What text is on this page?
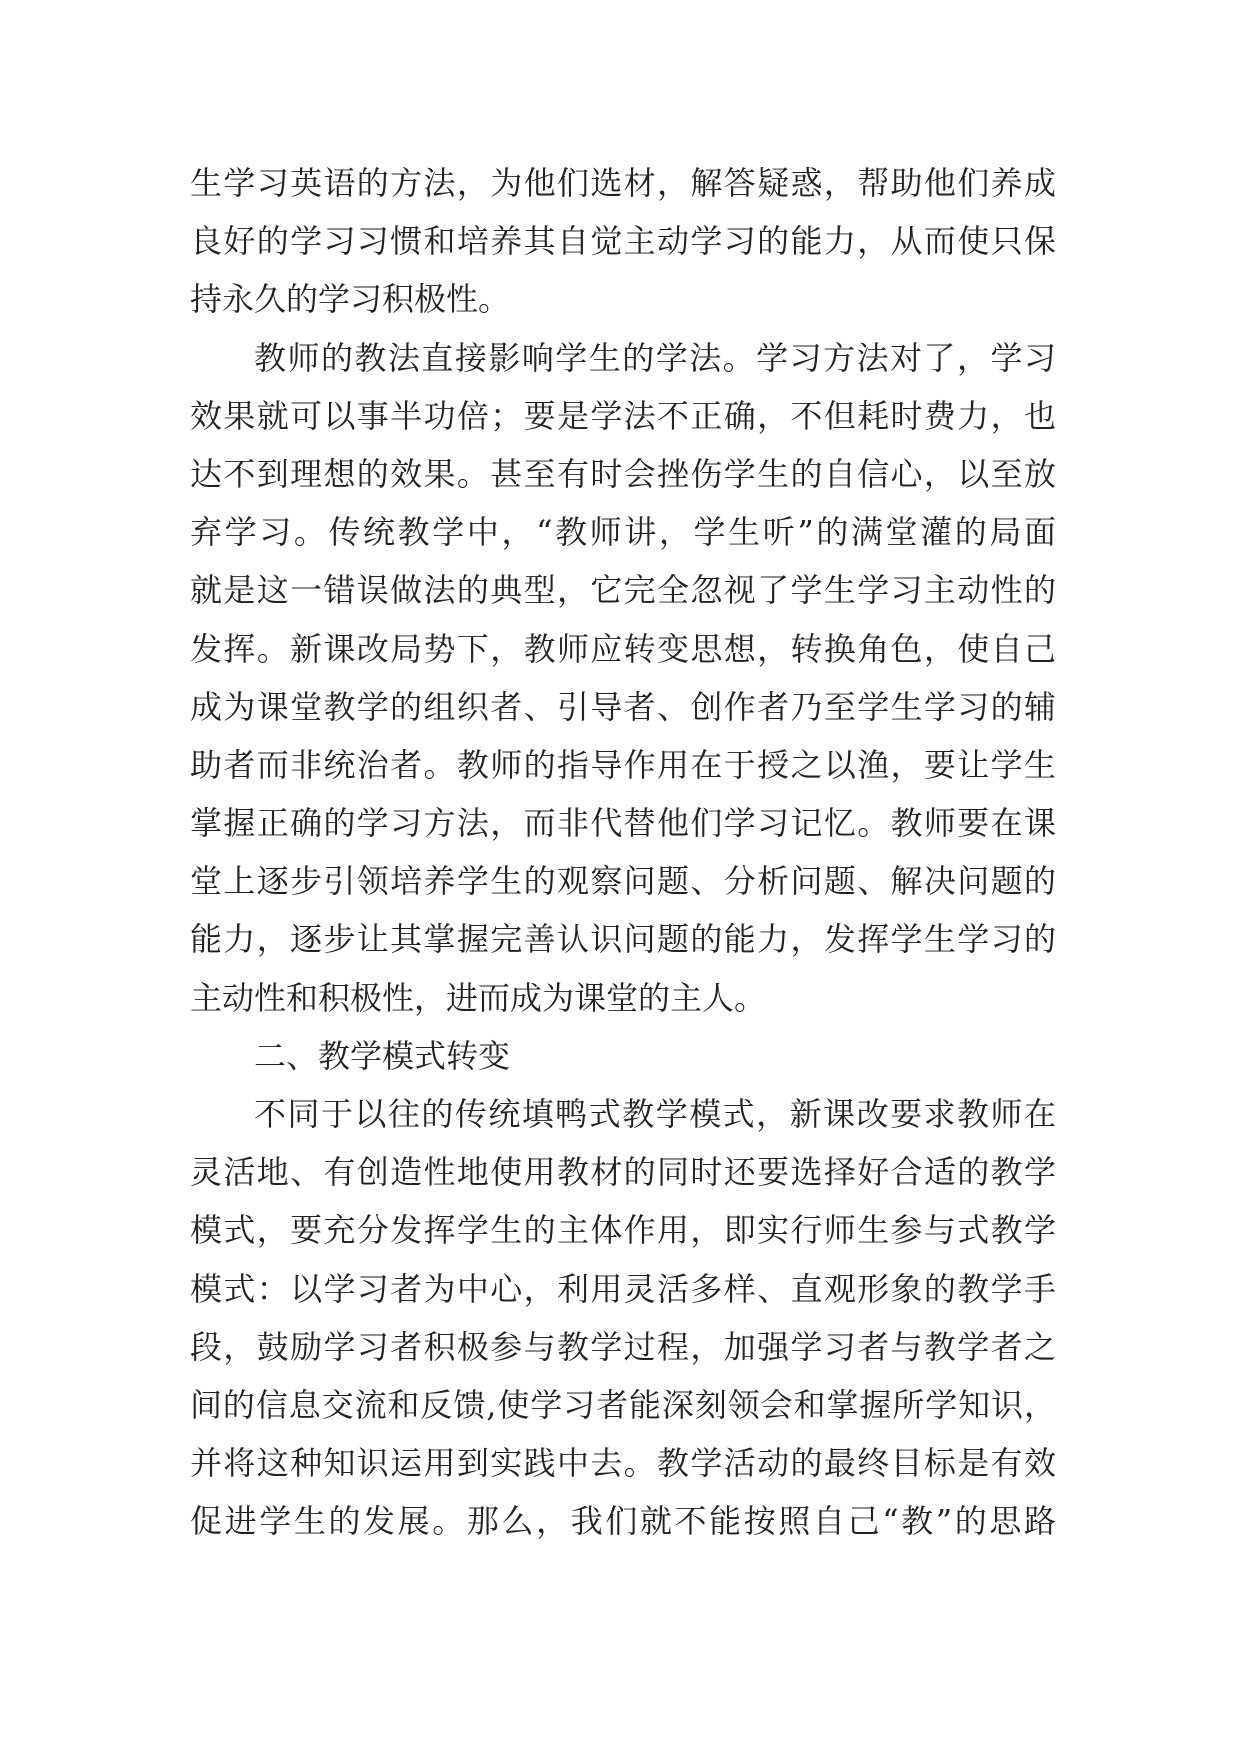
生学习英语的方法，为他们选材，解答疑惑，帮助他们养成
良好的学习习惯和培养其自觉主动学习的能力，从而使只保
持永久的学习积极性。
教师的教法直接影响学生的学法。学习方法对了，学习
效果就可以事半功倍；要是学法不正确，不但耗时费力，也
达不到理想的效果。甚至有时会挫伤学生的自信心，以至放
弃学习。传统教学中，“教师讲，学生听”的满堂灌的局面
就是这一错误做法的典型，它完全忽视了学生学习主动性的
发挥。新课改局势下，教师应转变思想，转换角色，使自己
成为课堂教学的组织者、引导者、创作者乃至学生学习的辅
助者而非统治者。教师的指导作用在于授之以渔，要让学生
掌握正确的学习方法，而非代替他们学习记忆。教师要在课
堂上逐步引领培养学生的观察问题、分析问题、解决问题的
能力，逐步让其掌握完善认识问题的能力，发挥学生学习的
主动性和积极性，进而成为课堂的主人。
二、教学模式转变
不同于以往的传统填鸭式教学模式，新课改要求教师在
灵活地、有创造性地使用教材的同时还要选择好合适的教学
模式，要充分发挥学生的主体作用，即实行师生参与式教学
模式：以学习者为中心，利用灵活多样、直观形象的教学手
段，鼓励学习者积极参与教学过程，加强学习者与教学者之
间的信息交流和反馈,使学习者能深刻领会和掌握所学知识，
并将这种知识运用到实践中去。教学活动的最终目标是有效
促进学生的发展。那么，我们就不能按照自己“教”的思路
